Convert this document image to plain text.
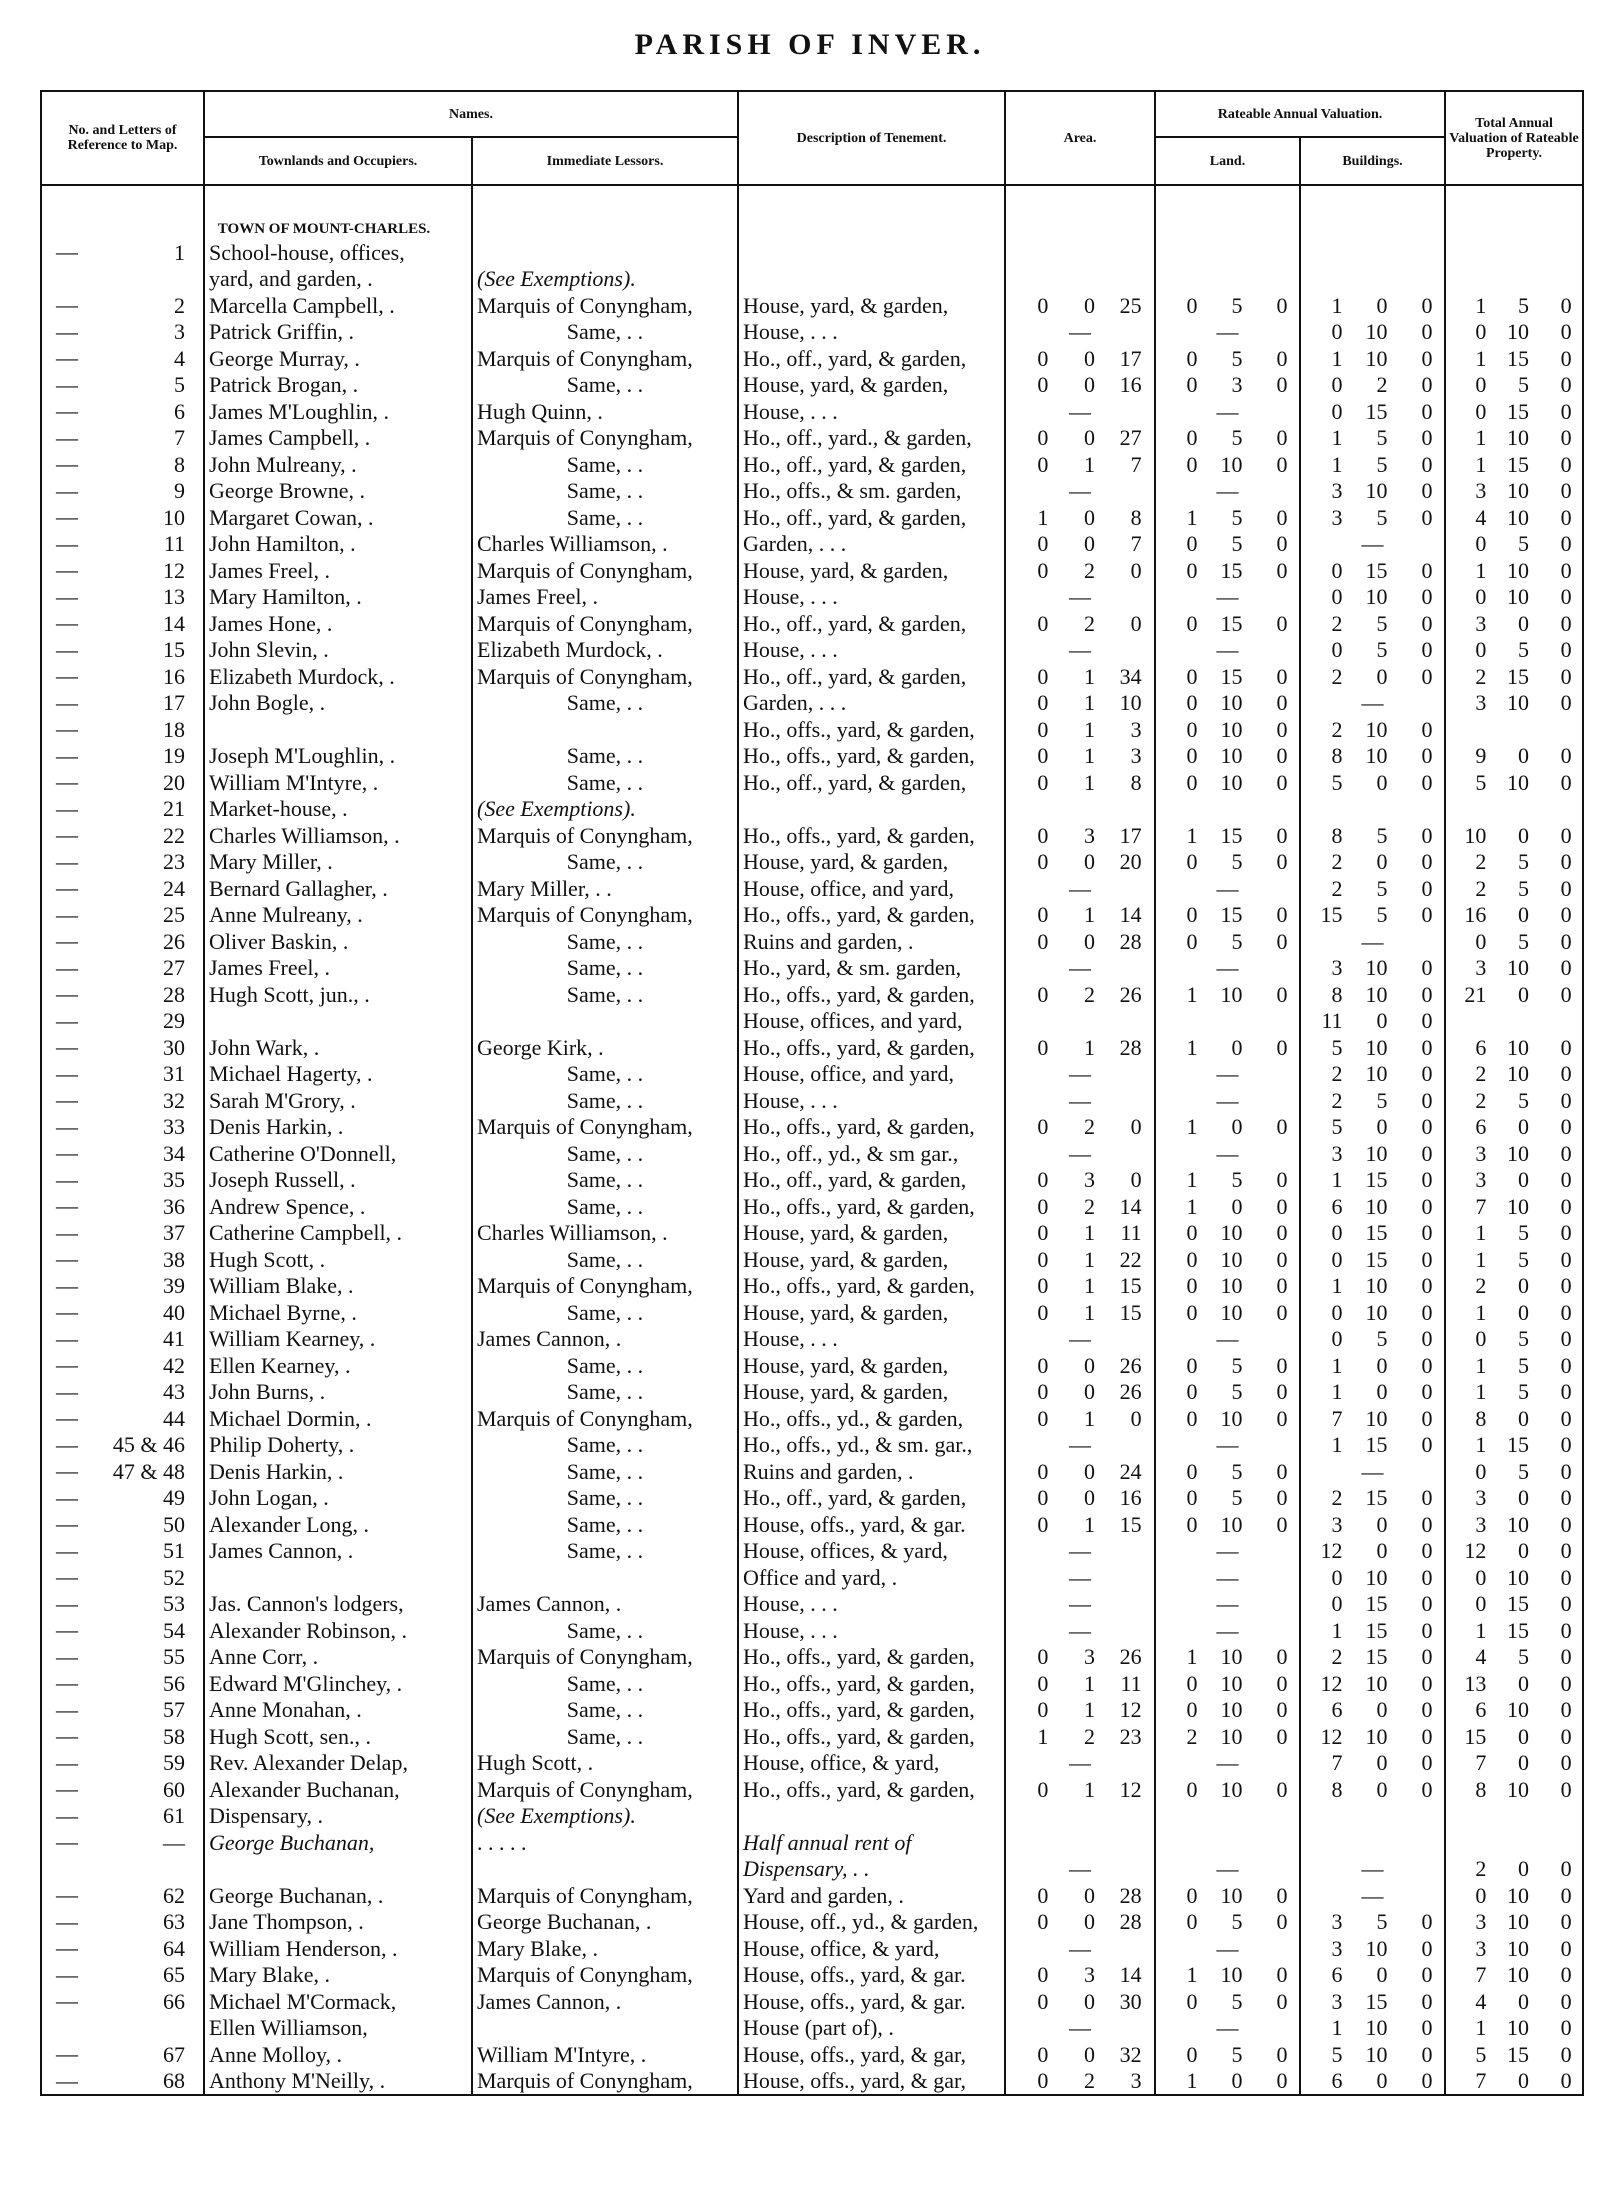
PARISH OF INVER.
No. and Letters of Reference to Map.	Names.		Description of Tenement.	Area.	Rateable Annual Valuation.		Total Annual Valuation of Rateable Property.
	Townlands and Occupiers.	Immediate Lessors.			Land.	Buildings.	

	TOWN OF MOUNT-CHARLES.						

— 1	School-house, offices,						

	yard, and garden, .	(See Exemptions).					

— 2	Marcella Campbell, .	Marquis of Conyngham,	House, yard, & garden,	0 0 25	0 5 0	1 0 0	1 5 0

— 3	Patrick Griffin, .	Same, . .	House, . . .	—	—	0 10 0	0 10 0

— 4	George Murray, .	Marquis of Conyngham,	Ho., off., yard, & garden,	0 0 17	0 5 0	1 10 0	1 15 0

— 5	Patrick Brogan, .	Same, . .	House, yard, & garden,	0 0 16	0 3 0	0 2 0	0 5 0

— 6	James M'Loughlin, .	Hugh Quinn, .	House, . . .	—	—	0 15 0	0 15 0

— 7	James Campbell, .	Marquis of Conyngham,	Ho., off., yard., & garden,	0 0 27	0 5 0	1 5 0	1 10 0

— 8	John Mulreany, .	Same, . .	Ho., off., yard, & garden,	0 1 7	0 10 0	1 5 0	1 15 0

— 9	George Browne, .	Same, . .	Ho., offs., & sm. garden,	—	—	3 10 0	3 10 0

— 10	Margaret Cowan, .	Same, . .	Ho., off., yard, & garden,	1 0 8	1 5 0	3 5 0	4 10 0

— 11	John Hamilton, .	Charles Williamson, .	Garden, . . .	0 0 7	0 5 0	—	0 5 0

— 12	James Freel, .	Marquis of Conyngham,	House, yard, & garden,	0 2 0	0 15 0	0 15 0	1 10 0

— 13	Mary Hamilton, .	James Freel, .	House, . . .	—	—	0 10 0	0 10 0

— 14	James Hone, .	Marquis of Conyngham,	Ho., off., yard, & garden,	0 2 0	0 15 0	2 5 0	3 0 0

— 15	John Slevin, .	Elizabeth Murdock, .	House, . . .	—	—	0 5 0	0 5 0

— 16	Elizabeth Murdock, .	Marquis of Conyngham,	Ho., off., yard, & garden,	0 1 34	0 15 0	2 0 0	2 15 0

— 17	John Bogle, .	Same, . .	Garden, . . .	0 1 10	0 10 0	—	3 10 0

— 18			Ho., offs., yard, & garden,	0 1 3	0 10 0	2 10 0	

— 19	Joseph M'Loughlin, .	Same, . .	Ho., offs., yard, & garden,	0 1 3	0 10 0	8 10 0	9 0 0

— 20	William M'Intyre, .	Same, . .	Ho., off., yard, & garden,	0 1 8	0 10 0	5 0 0	5 10 0

— 21	Market-house, .	(See Exemptions).					

— 22	Charles Williamson, .	Marquis of Conyngham,	Ho., offs., yard, & garden,	0 3 17	1 15 0	8 5 0	10 0 0

— 23	Mary Miller, .	Same, . .	House, yard, & garden,	0 0 20	0 5 0	2 0 0	2 5 0

— 24	Bernard Gallagher, .	Mary Miller, . .	House, office, and yard,	—	—	2 5 0	2 5 0

— 25	Anne Mulreany, .	Marquis of Conyngham,	Ho., offs., yard, & garden,	0 1 14	0 15 0	15 5 0	16 0 0

— 26	Oliver Baskin, .	Same, . .	Ruins and garden, .	0 0 28	0 5 0	—	0 5 0

— 27	James Freel, .	Same, . .	Ho., yard, & sm. garden,	—	—	3 10 0	3 10 0

— 28	Hugh Scott, jun., .	Same, . .	Ho., offs., yard, & garden,	0 2 26	1 10 0	8 10 0	21 0 0

— 29			House, offices, and yard,			11 0 0	

— 30	John Wark, .	George Kirk, .	Ho., offs., yard, & garden,	0 1 28	1 0 0	5 10 0	6 10 0

— 31	Michael Hagerty, .	Same, . .	House, office, and yard,	—	—	2 10 0	2 10 0

— 32	Sarah M'Grory, .	Same, . .	House, . . .	—	—	2 5 0	2 5 0

— 33	Denis Harkin, .	Marquis of Conyngham,	Ho., offs., yard, & garden,	0 2 0	1 0 0	5 0 0	6 0 0

— 34	Catherine O'Donnell,	Same, . .	Ho., off., yd., & sm gar.,	—	—	3 10 0	3 10 0

— 35	Joseph Russell, .	Same, . .	Ho., off., yard, & garden,	0 3 0	1 5 0	1 15 0	3 0 0

— 36	Andrew Spence, .	Same, . .	Ho., offs., yard, & garden,	0 2 14	1 0 0	6 10 0	7 10 0

— 37	Catherine Campbell, .	Charles Williamson, .	House, yard, & garden,	0 1 11	0 10 0	0 15 0	1 5 0

— 38	Hugh Scott, .	Same, . .	House, yard, & garden,	0 1 22	0 10 0	0 15 0	1 5 0

— 39	William Blake, .	Marquis of Conyngham,	Ho., offs., yard, & garden,	0 1 15	0 10 0	1 10 0	2 0 0

— 40	Michael Byrne, .	Same, . .	House, yard, & garden,	0 1 15	0 10 0	0 10 0	1 0 0

— 41	William Kearney, .	James Cannon, .	House, . . .	—	—	0 5 0	0 5 0

— 42	Ellen Kearney, .	Same, . .	House, yard, & garden,	0 0 26	0 5 0	1 0 0	1 5 0

— 43	John Burns, .	Same, . .	House, yard, & garden,	0 0 26	0 5 0	1 0 0	1 5 0

— 44	Michael Dormin, .	Marquis of Conyngham,	Ho., offs., yd., & garden,	0 1 0	0 10 0	7 10 0	8 0 0

— 45 & 46	Philip Doherty, .	Same, . .	Ho., offs., yd., & sm. gar.,	—	—	1 15 0	1 15 0

— 47 & 48	Denis Harkin, .	Same, . .	Ruins and garden, .	0 0 24	0 5 0	—	0 5 0

— 49	John Logan, .	Same, . .	Ho., off., yard, & garden,	0 0 16	0 5 0	2 15 0	3 0 0

— 50	Alexander Long, .	Same, . .	House, offs., yard, & gar.	0 1 15	0 10 0	3 0 0	3 10 0

— 51	James Cannon, .	Same, . .	House, offices, & yard,	—	—	12 0 0	12 0 0

— 52			Office and yard, .	—	—	0 10 0	0 10 0

— 53	Jas. Cannon's lodgers,	James Cannon, .	House, . . .	—	—	0 15 0	0 15 0

— 54	Alexander Robinson, .	Same, . .	House, . . .	—	—	1 15 0	1 15 0

— 55	Anne Corr, .	Marquis of Conyngham,	Ho., offs., yard, & garden,	0 3 26	1 10 0	2 15 0	4 5 0

— 56	Edward M'Glinchey, .	Same, . .	Ho., offs., yard, & garden,	0 1 11	0 10 0	12 10 0	13 0 0

— 57	Anne Monahan, .	Same, . .	Ho., offs., yard, & garden,	0 1 12	0 10 0	6 0 0	6 10 0

— 58	Hugh Scott, sen., .	Same, . .	Ho., offs., yard, & garden,	1 2 23	2 10 0	12 10 0	15 0 0

— 59	Rev. Alexander Delap,	Hugh Scott, .	House, office, & yard,	—	—	7 0 0	7 0 0

— 60	Alexander Buchanan,	Marquis of Conyngham,	Ho., offs., yard, & garden,	0 1 12	0 10 0	8 0 0	8 10 0

— 61	Dispensary, .	(See Exemptions).					

— —	George Buchanan,	. . . . .	Half annual rent of				

			Dispensary, . .	—	—	—	2 0 0

— 62	George Buchanan, .	Marquis of Conyngham,	Yard and garden, .	0 0 28	0 10 0	—	0 10 0

— 63	Jane Thompson, .	George Buchanan, .	House, off., yd., & garden,	0 0 28	0 5 0	3 5 0	3 10 0

— 64	William Henderson, .	Mary Blake, .	House, office, & yard,	—	—	3 10 0	3 10 0

— 65	Mary Blake, .	Marquis of Conyngham,	House, offs., yard, & gar.	0 3 14	1 10 0	6 0 0	7 10 0

— 66	Michael M'Cormack,	James Cannon, .	House, offs., yard, & gar.	0 0 30	0 5 0	3 15 0	4 0 0

	Ellen Williamson,		House (part of), .	—	—	1 10 0	1 10 0

— 67	Anne Molloy, .	William M'Intyre, .	House, offs., yard, & gar,	0 0 32	0 5 0	5 10 0	5 15 0

— 68	Anthony M'Neilly, .	Marquis of Conyngham,	House, offs., yard, & gar,	0 2 3	1 0 0	6 0 0	7 0 0
